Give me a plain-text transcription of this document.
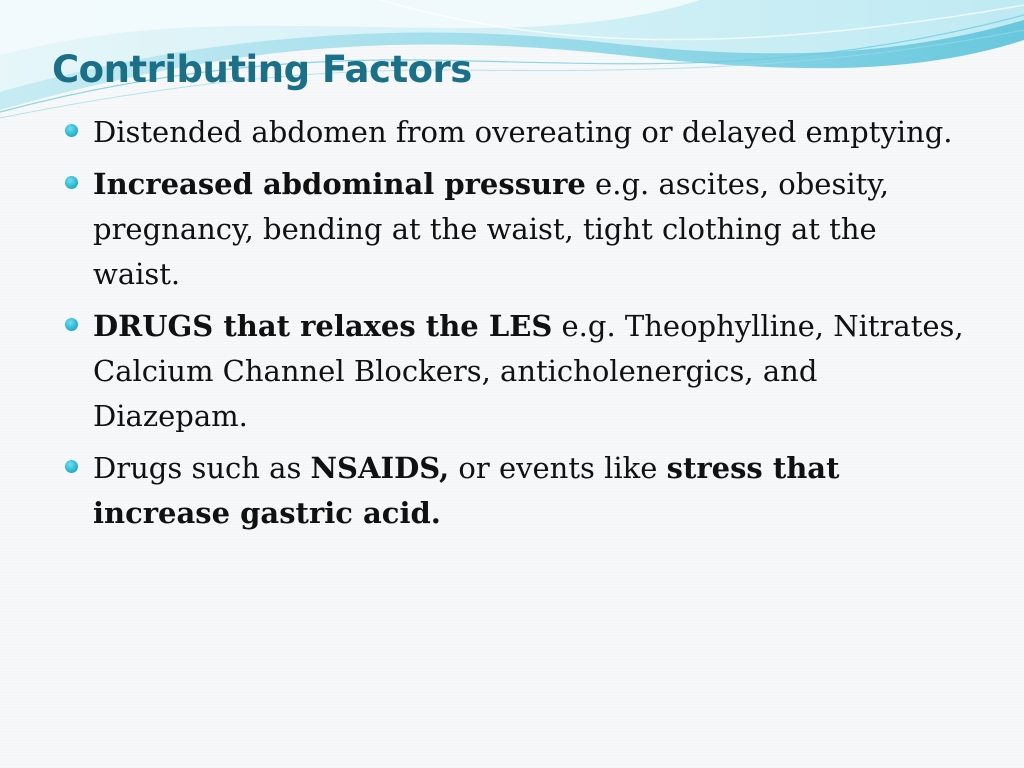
Contributing Factors
Distended abdomen from overeating or delayed emptying.
Increased abdominal pressure e.g. ascites, obesity, pregnancy, bending at the waist, tight clothing at the waist.
DRUGS that relaxes the LES e.g. Theophylline, Nitrates, Calcium Channel Blockers, anticholenergics, and Diazepam.
Drugs such as NSAIDS, or events like stress that increase gastric acid.
